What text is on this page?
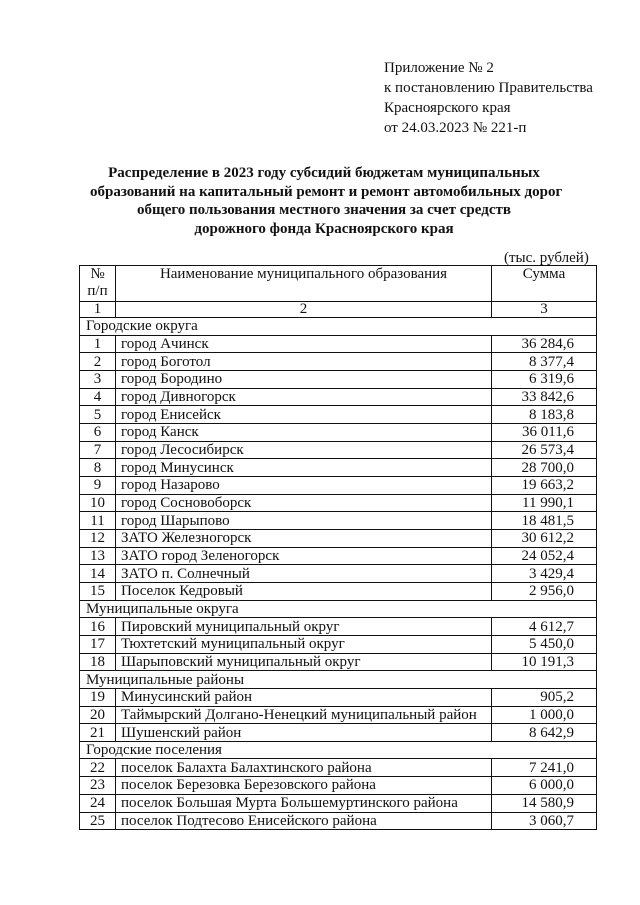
Приложение № 2
к постановлению Правительства
Красноярского края
от 24.03.2023 № 221-п
Распределение в 2023 году субсидий бюджетам муниципальных
образований на капитальный ремонт и ремонт автомобильных дорог
общего пользования местного значения за счет средств
дорожного фонда Красноярского края
(тыс. рублей)
№
п/п	Наименование муниципального образования	Сумма
1	2	3
Городские округа		
1	город Ачинск	36 284,6
2	город Боготол	8 377,4
3	город Бородино	6 319,6
4	город Дивногорск	33 842,6
5	город Енисейск	8 183,8
6	город Канск	36 011,6
7	город Лесосибирск	26 573,4
8	город Минусинск	28 700,0
9	город Назарово	19 663,2
10	город Сосновоборск	11 990,1
11	город Шарыпово	18 481,5
12	ЗАТО Железногорск	30 612,2
13	ЗАТО город Зеленогорск	24 052,4
14	ЗАТО п. Солнечный	3 429,4
15	Поселок Кедровый	2 956,0
Муниципальные округа		
16	Пировский муниципальный округ	4 612,7
17	Тюхтетский муниципальный округ	5 450,0
18	Шарыповский муниципальный округ	10 191,3
Муниципальные районы		
19	Минусинский район	905,2
20	Таймырский Долгано-Ненецкий муниципальный район	1 000,0
21	Шушенский район	8 642,9
Городские поселения		
22	поселок Балахта Балахтинского района	7 241,0
23	поселок Березовка Березовского района	6 000,0
24	поселок Большая Мурта Большемуртинского района	14 580,9
25	поселок Подтесово Енисейского района	3 060,7
